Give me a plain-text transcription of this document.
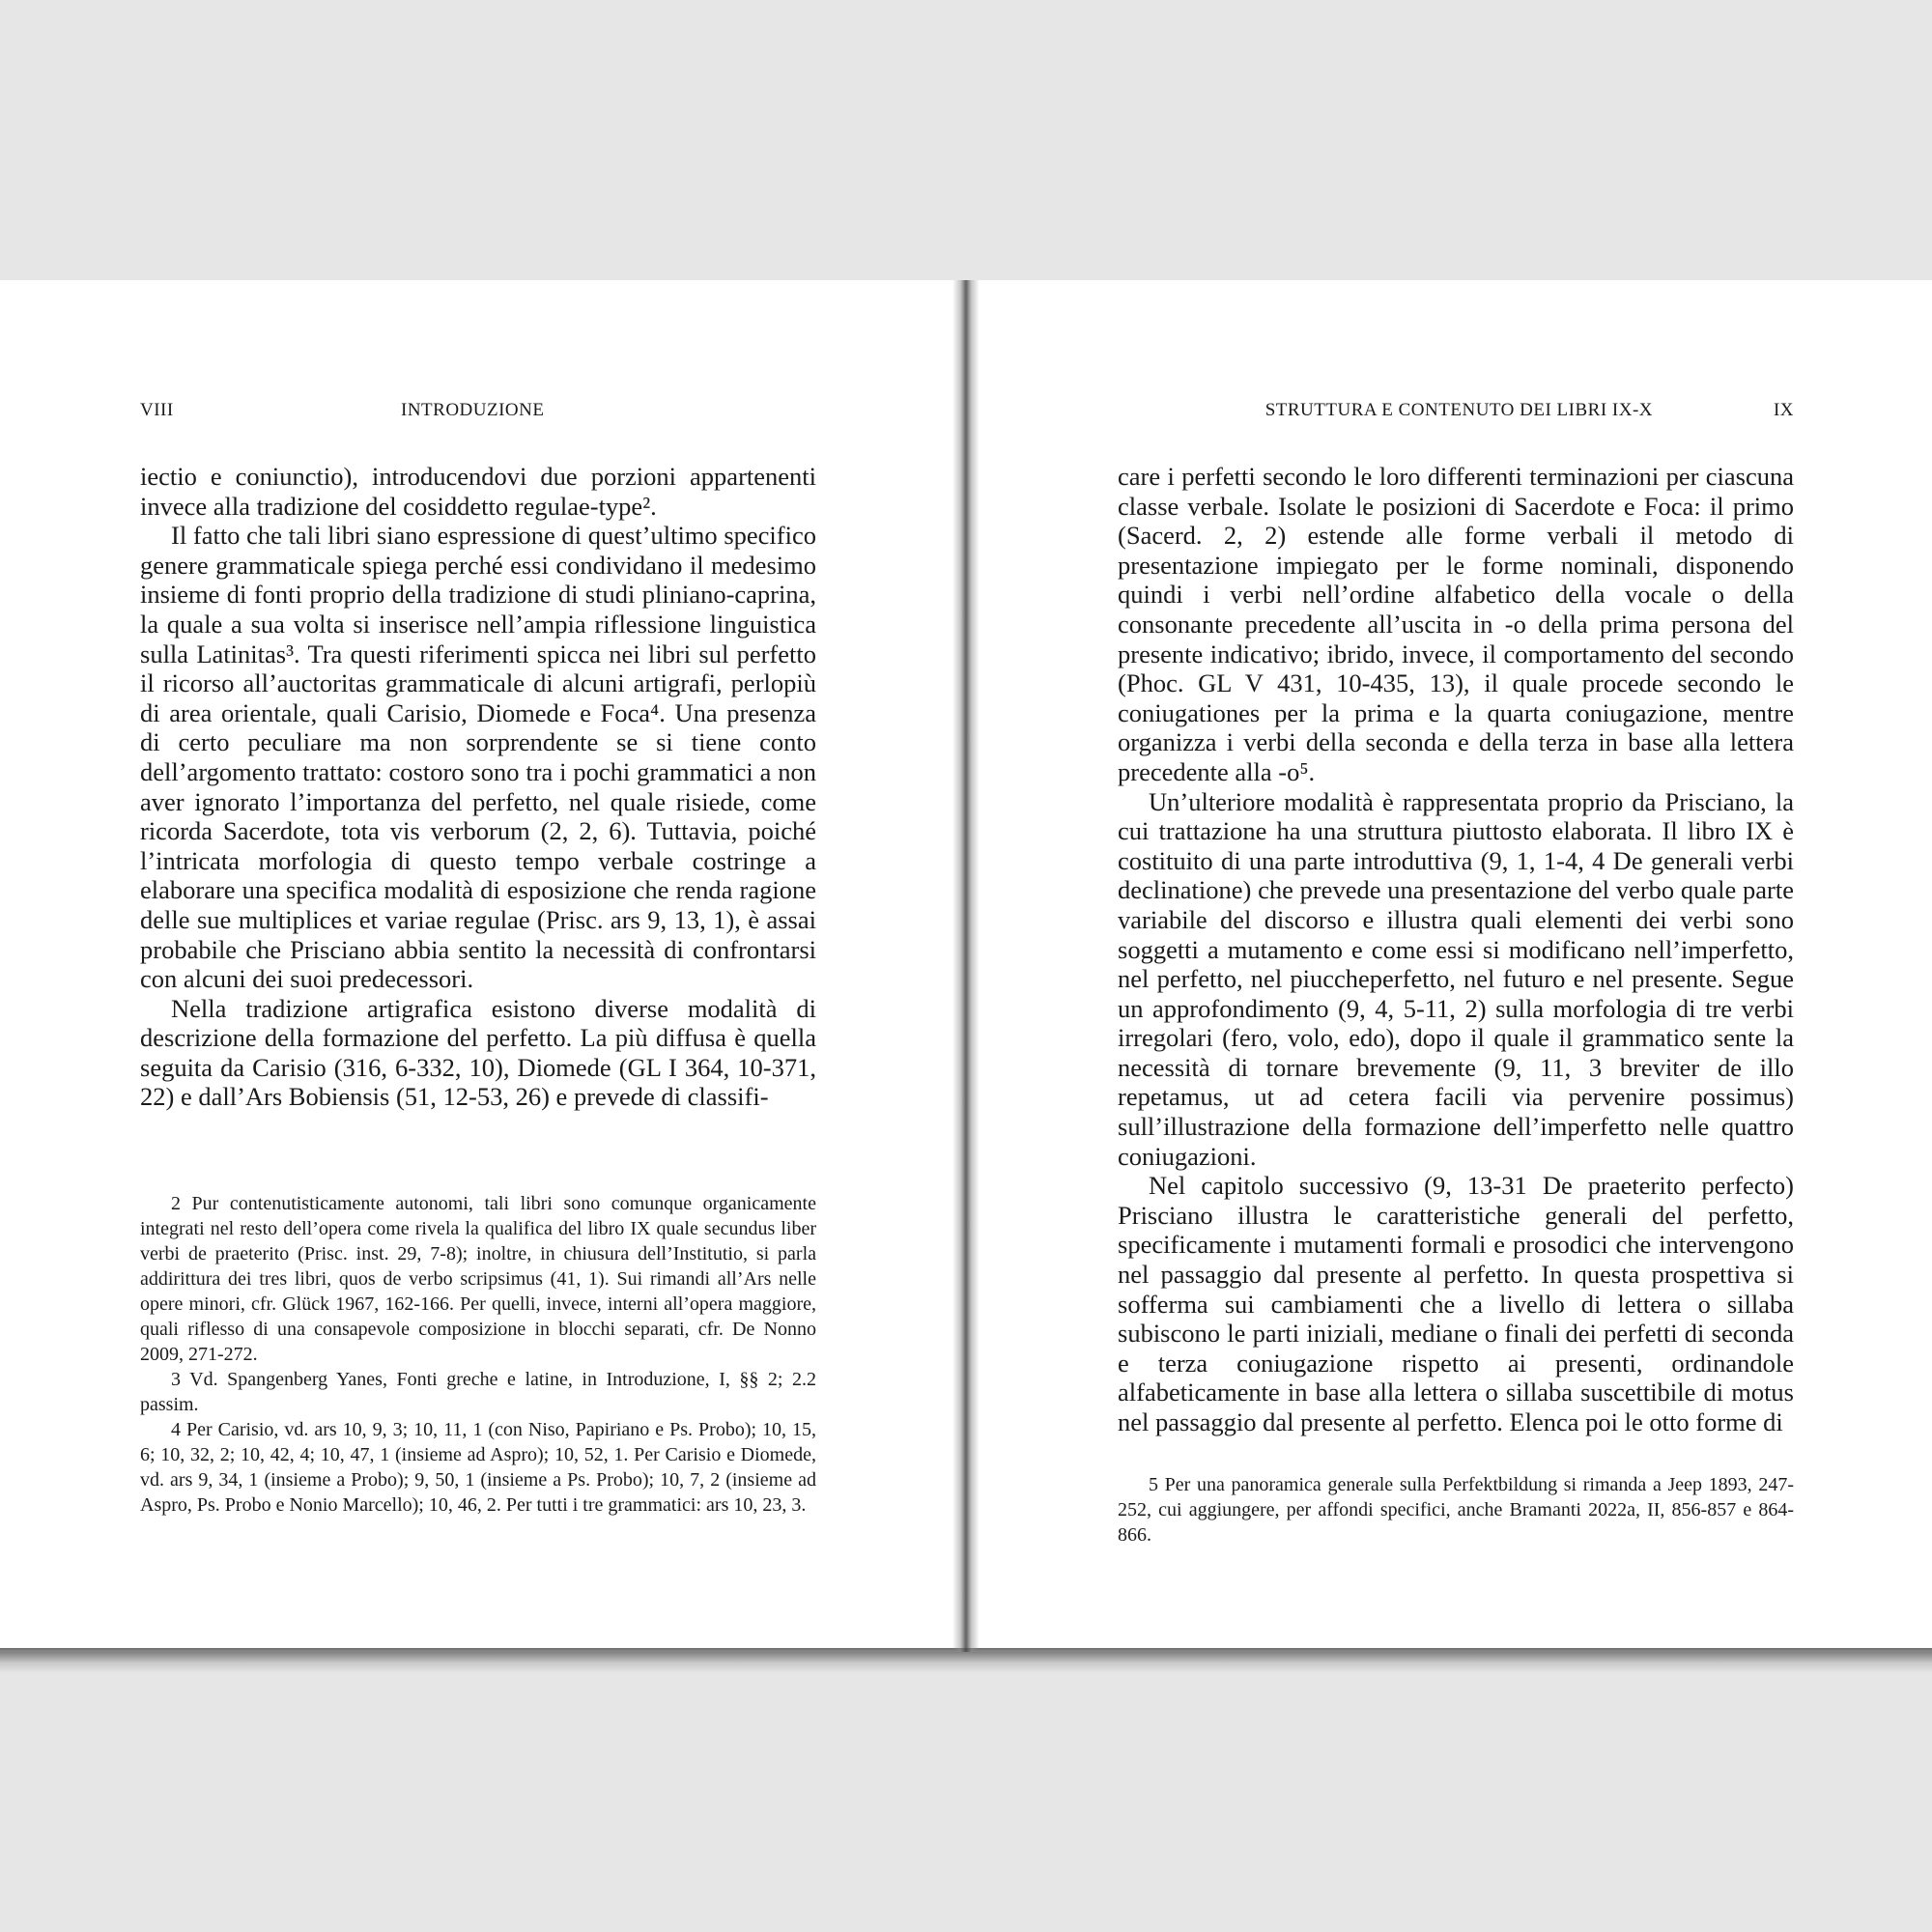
VIII	INTRODUZIONE

iectio e coniunctio), introducendovi due porzioni appartenenti invece alla tradizione del cosiddetto regulae-type².

Il fatto che tali libri siano espressione di quest’ultimo specifico genere grammaticale spiega perché essi condividano il medesimo insieme di fonti proprio della tradizione di studi pliniano-caprina, la quale a sua volta si inserisce nell’ampia riflessione linguistica sulla Latinitas³. Tra questi riferimenti spicca nei libri sul perfetto il ricorso all’auctoritas grammaticale di alcuni artigrafi, perlopiù di area orientale, quali Carisio, Diomede e Foca⁴. Una presenza di certo peculiare ma non sorprendente se si tiene conto dell’argomento trattato: costoro sono tra i pochi grammatici a non aver ignorato l’importanza del perfetto, nel quale risiede, come ricorda Sacerdote, tota vis verborum (2, 2, 6). Tuttavia, poiché l’intricata morfologia di questo tempo verbale costringe a elaborare una specifica modalità di esposizione che renda ragione delle sue multiplices et variae regulae (Prisc. ars 9, 13, 1), è assai probabile che Prisciano abbia sentito la necessità di confrontarsi con alcuni dei suoi predecessori.

Nella tradizione artigrafica esistono diverse modalità di descrizione della formazione del perfetto. La più diffusa è quella seguita da Carisio (316, 6-332, 10), Diomede (GL I 364, 10-371, 22) e dall’Ars Bobiensis (51, 12-53, 26) e prevede di classifi-

2 Pur contenutisticamente autonomi, tali libri sono comunque organicamente integrati nel resto dell’opera come rivela la qualifica del libro IX quale secundus liber verbi de praeterito (Prisc. inst. 29, 7-8); inoltre, in chiusura dell’Institutio, si parla addirittura dei tres libri, quos de verbo scripsimus (41, 1). Sui rimandi all’Ars nelle opere minori, cfr. Glück 1967, 162-166. Per quelli, invece, interni all’opera maggiore, quali riflesso di una consapevole composizione in blocchi separati, cfr. De Nonno 2009, 271-272.

3 Vd. Spangenberg Yanes, Fonti greche e latine, in Introduzione, I, §§ 2; 2.2 passim.

4 Per Carisio, vd. ars 10, 9, 3; 10, 11, 1 (con Niso, Papiriano e Ps. Probo); 10, 15, 6; 10, 32, 2; 10, 42, 4; 10, 47, 1 (insieme ad Aspro); 10, 52, 1. Per Carisio e Diomede, vd. ars 9, 34, 1 (insieme a Probo); 9, 50, 1 (insieme a Ps. Probo); 10, 7, 2 (insieme ad Aspro, Ps. Probo e Nonio Marcello); 10, 46, 2. Per tutti i tre grammatici: ars 10, 23, 3.

STRUTTURA E CONTENUTO DEI LIBRI IX-X	IX

care i perfetti secondo le loro differenti terminazioni per ciascuna classe verbale. Isolate le posizioni di Sacerdote e Foca: il primo (Sacerd. 2, 2) estende alle forme verbali il metodo di presentazione impiegato per le forme nominali, disponendo quindi i verbi nell’ordine alfabetico della vocale o della consonante precedente all’uscita in -o della prima persona del presente indicativo; ibrido, invece, il comportamento del secondo (Phoc. GL V 431, 10-435, 13), il quale procede secondo le coniugationes per la prima e la quarta coniugazione, mentre organizza i verbi della seconda e della terza in base alla lettera precedente alla -o⁵.

Un’ulteriore modalità è rappresentata proprio da Prisciano, la cui trattazione ha una struttura piuttosto elaborata. Il libro IX è costituito di una parte introduttiva (9, 1, 1-4, 4 De generali verbi declinatione) che prevede una presentazione del verbo quale parte variabile del discorso e illustra quali elementi dei verbi sono soggetti a mutamento e come essi si modificano nell’imperfetto, nel perfetto, nel piuccheperfetto, nel futuro e nel presente. Segue un approfondimento (9, 4, 5-11, 2) sulla morfologia di tre verbi irregolari (fero, volo, edo), dopo il quale il grammatico sente la necessità di tornare brevemente (9, 11, 3 breviter de illo repetamus, ut ad cetera facili via pervenire possimus) sull’illustrazione della formazione dell’imperfetto nelle quattro coniugazioni.

Nel capitolo successivo (9, 13-31 De praeterito perfecto) Prisciano illustra le caratteristiche generali del perfetto, specificamente i mutamenti formali e prosodici che intervengono nel passaggio dal presente al perfetto. In questa prospettiva si sofferma sui cambiamenti che a livello di lettera o sillaba subiscono le parti iniziali, mediane o finali dei perfetti di seconda e terza coniugazione rispetto ai presenti, ordinandole alfabeticamente in base alla lettera o sillaba suscettibile di motus nel passaggio dal presente al perfetto. Elenca poi le otto forme di

5 Per una panoramica generale sulla Perfektbildung si rimanda a Jeep 1893, 247-252, cui aggiungere, per affondi specifici, anche Bramanti 2022a, II, 856-857 e 864-866.
